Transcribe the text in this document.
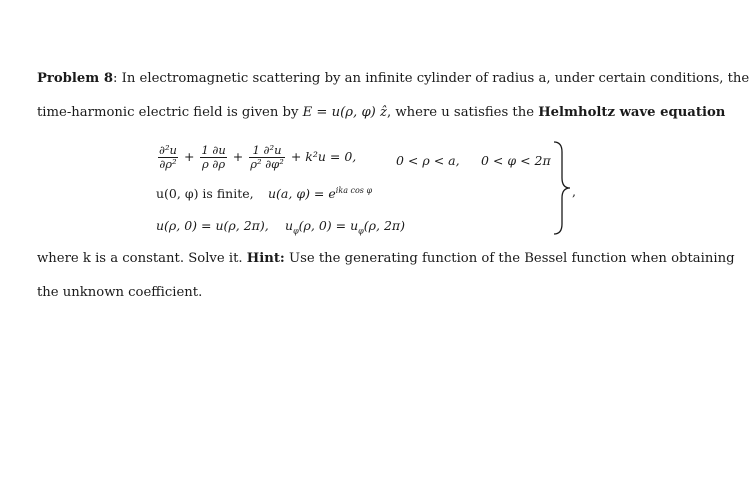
Problem 8: In electromagnetic scattering by an infinite cylinder of radius a, under certain conditions, the
time-harmonic electric field is given by E = u(ρ, φ) ẑ, where u satisfies the Helmholtz wave equation
$\frac{\text{∂²u}}{\text{∂ρ²}} + \frac{1 \partial u}{\rho \partial\rho} + \frac{\text{1 ∂²u}}{\text{ρ² ∂φ²}} + k^2u = 0$,	0 < ρ < a, 0 < φ < 2π
u(0, φ) is finite, u(a, $\varphi) = e^{ika cos \varphi}$
u(ρ, 0) = u(ρ, 2π), $u_\varphi(\rho$, $0) = u_\varphi(\rho$, 2π)
,
where k is a constant. Solve it. Hint: Use the generating function of the Bessel function when obtaining
the unknown coefficient.
